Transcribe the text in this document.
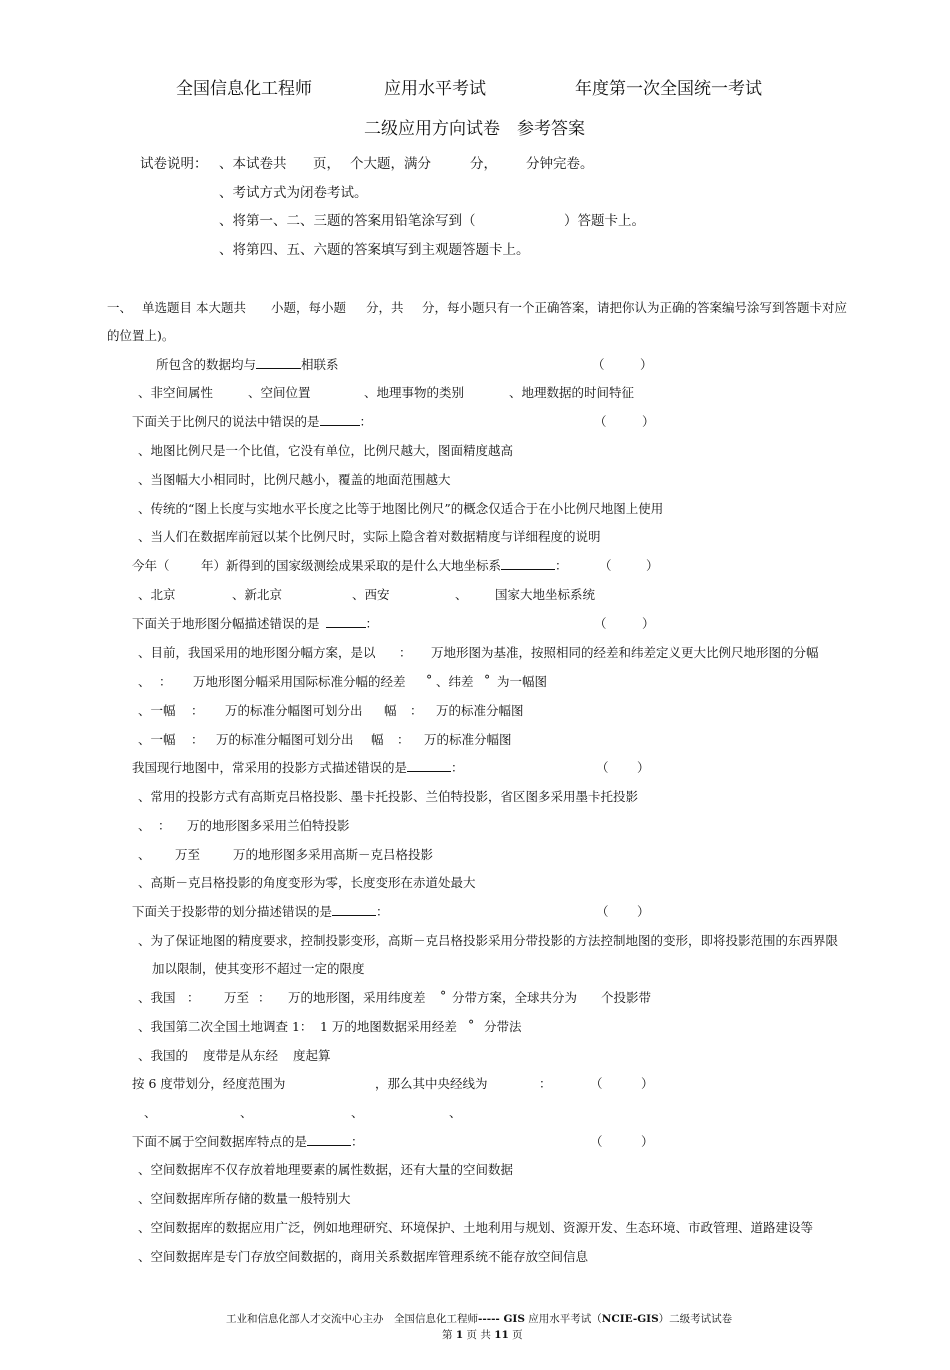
全国信息化工程师	应用水平考试	年度第一次全国统一考试
二级应用方向试卷　参考答案
试卷说明： 、本试卷共 页， 个大题，满分	分， 分钟完卷。
、考试方式为闭卷考试。
、将第一、二、三题的答案用铅笔涂写到（	）答题卡上。
、将第四、五、六题的答案填写到主观题答题卡上。
一、 单选题目 本大题共 小题，每小题 分，共 分，每小题只有一个正确答案，请把你认为正确的答案编号涂写到答题卡对应
的位置上)。
所包含的数据均与	相联系	（	）
、非空间属性	、空间位置	、地理事物的类别	、地理数据的时间特征
下面关于比例尺的说法中错误的是	：	（	）
、地图比例尺是一个比值，它没有单位，比例尺越大，图面精度越高
、当图幅大小相同时，比例尺越小，覆盖的地面范围越大
、传统的“图上长度与实地水平长度之比等于地图比例尺”的概念仅适合于在小比例尺地图上使用
、当人们在数据库前冠以某个比例尺时，实际上隐含着对数据精度与详细程度的说明
今年（	年）新得到的国家级测绘成果采取的是什么大地坐标系	：	（	）
、北京	、新北京	、西安	、 国家大地坐标系统
下面关于地形图分幅描述错误的是	：	（	）
、目前，我国采用的地形图分幅方案，是以 ： 万地形图为基准，按照相同的经差和纬差定义更大比例尺地形图的分幅
、 ： 万地形图分幅采用国际标准分幅的经差 ° 、纬差 ° 为一幅图
、一幅 ： 万的标准分幅图可划分出 幅 ： 万的标准分幅图
、一幅 ： 万的标准分幅图可划分出 幅 ： 万的标准分幅图
我国现行地图中，常采用的投影方式描述错误的是	：	（ ）
、常用的投影方式有高斯克吕格投影、墨卡托投影、兰伯特投影，省区图多采用墨卡托投影
、 ： 万的地形图多采用兰伯特投影
、 万至	万的地形图多采用高斯－克吕格投影
、高斯－克吕格投影的角度变形为零，长度变形在赤道处最大
下面关于投影带的划分描述错误的是	：	（ ）
、为了保证地图的精度要求，控制投影变形，高斯－克吕格投影采用分带投影的方法控制地图的变形，即将投影范围的东西界限
加以限制，使其变形不超过一定的限度
、我国 ： 万至 ： 万的地形图，采用纬度差 ° 分带方案，全球共分为 个投影带
、我国第二次全国土地调查 1： 1 万的地图数据采用经差 ° 分带法
、我国的 度带是从东经 度起算
按 6 度带划分，经度范围为	，那么其中央经线为	：	（	）
、	、	、	、
下面不属于空间数据库特点的是	：	（	）
、空间数据库不仅存放着地理要素的属性数据，还有大量的空间数据
、空间数据库所存储的数量一般特别大
、空间数据库的数据应用广泛，例如地理研究、环境保护、土地利用与规划、资源开发、生态环境、市政管理、道路建设等
、空间数据库是专门存放空间数据的，商用关系数据库管理系统不能存放空间信息
工业和信息化部人才交流中心主办　全国信息化工程师----- GIS 应用水平考试（NCIE-GIS）二级考试试卷
第 1 页 共 11 页
